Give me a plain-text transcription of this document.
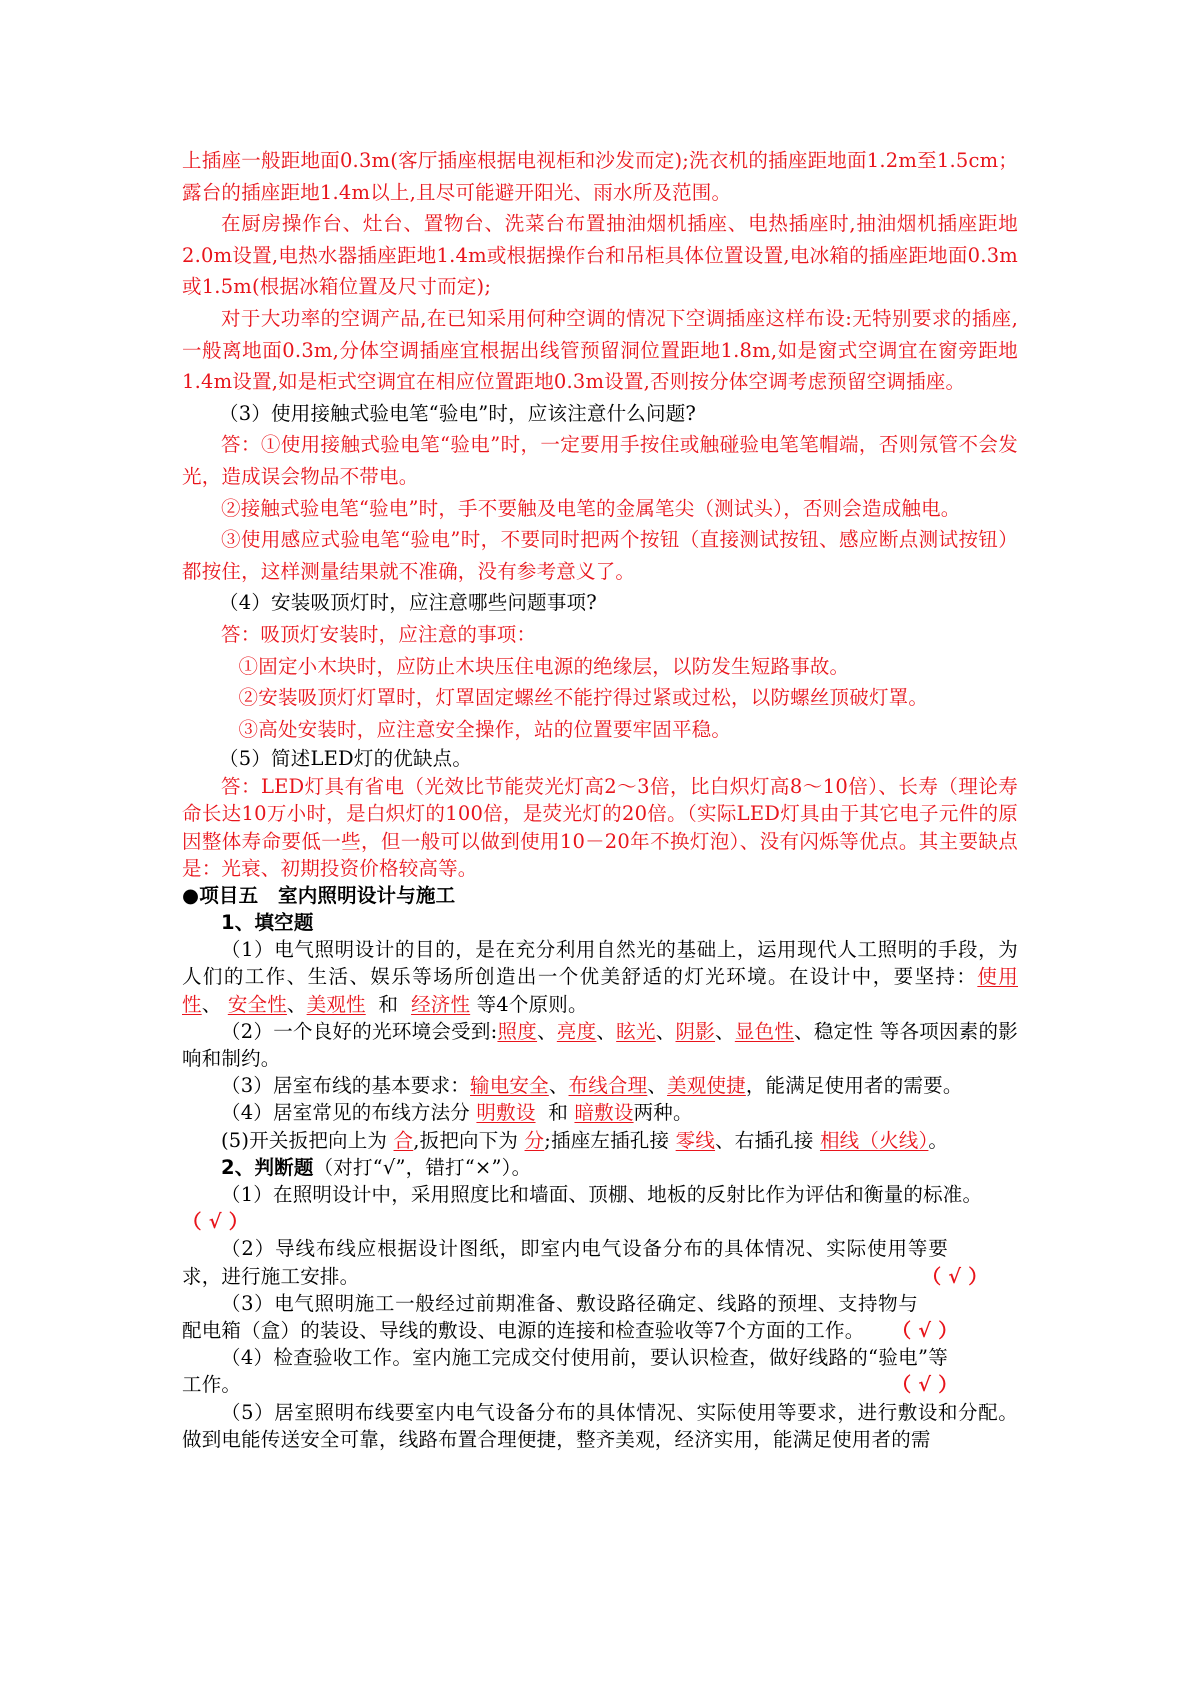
上插座一般距地面0.3m(客厅插座根据电视柜和沙发而定);洗衣机的插座距地面1.2m至1.5cm；露台的插座距地1.4m以上,且尽可能避开阳光、雨水所及范围。

在厨房操作台、灶台、置物台、洗菜台布置抽油烟机插座、电热插座时,抽油烟机插座距地2.0m设置,电热水器插座距地1.4m或根据操作台和吊柜具体位置设置,电冰箱的插座距地面0.3m或1.5m(根据冰箱位置及尺寸而定);

对于大功率的空调产品,在已知采用何种空调的情况下空调插座这样布设:无特别要求的插座,一般离地面0.3m,分体空调插座宜根据出线管预留洞位置距地1.8m,如是窗式空调宜在窗旁距地1.4m设置,如是柜式空调宜在相应位置距地0.3m设置,否则按分体空调考虑预留空调插座。

（3）使用接触式验电笔“验电”时，应该注意什么问题?

答：①使用接触式验电笔“验电”时，一定要用手按住或触碰验电笔笔帽端，否则氖管不会发光，造成误会物品不带电。

②接触式验电笔“验电”时，手不要触及电笔的金属笔尖（测试头），否则会造成触电。

③使用感应式验电笔“验电”时，不要同时把两个按钮（直接测试按钮、感应断点测试按钮）都按住，这样测量结果就不准确，没有参考意义了。

（4）安装吸顶灯时，应注意哪些问题事项?

答：吸顶灯安装时，应注意的事项：

①固定小木块时，应防止木块压住电源的绝缘层，以防发生短路事故。

②安装吸顶灯灯罩时，灯罩固定螺丝不能拧得过紧或过松，以防螺丝顶破灯罩。

③高处安装时，应注意安全操作，站的位置要牢固平稳。

（5）简述LED灯的优缺点。

答：LED灯具有省电（光效比节能荧光灯高2～3倍，比白炽灯高8～10倍）、长寿（理论寿命长达10万小时，是白炽灯的100倍，是荧光灯的20倍。（实际LED灯具由于其它电子元件的原因整体寿命要低一些，但一般可以做到使用10－20年不换灯泡）、没有闪烁等优点。其主要缺点是：光衰、初期投资价格较高等。

●项目五　室内照明设计与施工

1、填空题

（1）电气照明设计的目的，是在充分利用自然光的基础上，运用现代人工照明的手段，为人们的工作、生活、娱乐等场所创造出一个优美舒适的灯光环境。在设计中，要坚持：使用性、 安全性、美观性 和 经济性 等4个原则。

（2）一个良好的光环境会受到:照度、亮度、眩光、阴影、显色性、稳定性 等各项因素的影响和制约。

（3）居室布线的基本要求：输电安全、布线合理、美观使捷，能满足使用者的需要。

（4）居室常见的布线方法分 明敷设 和 暗敷设两种。

(5)开关扳把向上为 合,扳把向下为 分;插座左插孔接 零线、右插孔接 相线（火线）。

2、判断题（对打“√”，错打“×”）。

（1）在照明设计中，采用照度比和墙面、顶棚、地板的反射比作为评估和衡量的标准。

（ √ ）

（2）导线布线应根据设计图纸，即室内电气设备分布的具体情况、实际使用等要求，进行施工安排。	（ √ ）

（3）电气照明施工一般经过前期准备、敷设路径确定、线路的预埋、支持物与配电箱（盒）的装设、导线的敷设、电源的连接和检查验收等7个方面的工作。	（ √ ）

（4）检查验收工作。室内施工完成交付使用前，要认识检查，做好线路的“验电”等工作。	（ √ ）

（5）居室照明布线要室内电气设备分布的具体情况、实际使用等要求，进行敷设和分配。做到电能传送安全可靠，线路布置合理便捷，整齐美观，经济实用，能满足使用者的需
